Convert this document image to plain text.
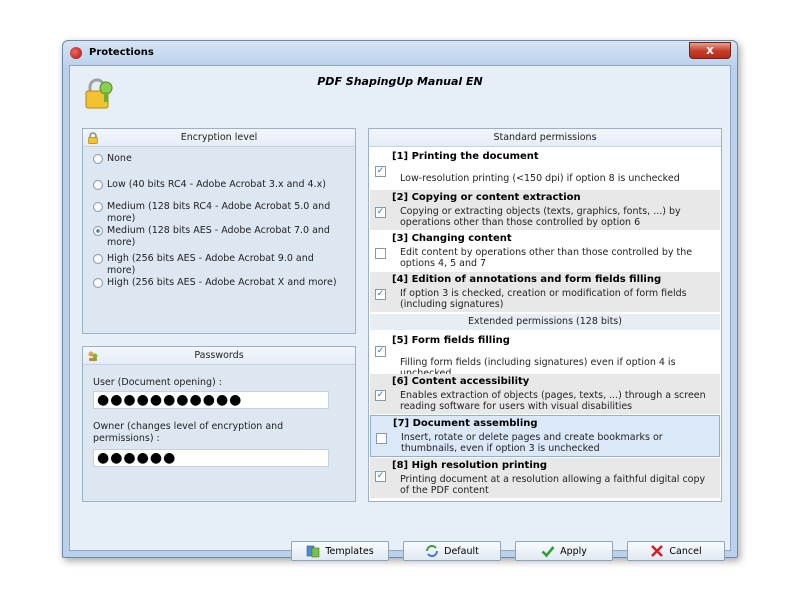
Protections	x
PDF ShapingUp Manual EN
Encryption level
None
Low (40 bits RC4 - Adobe Acrobat 3.x and 4.x)
Medium (128 bits RC4 - Adobe Acrobat 5.0 and more)
Medium (128 bits AES - Adobe Acrobat 7.0 and more)
High (256 bits AES - Adobe Acrobat 9.0 and more)
High (256 bits AES - Adobe Acrobat X and more)
Passwords
User (Document opening) :
●●●●●●●●●●●
Owner (changes level of encryption and permissions) :
●●●●●●
Standard permissions
✓
[1] Printing the document
Low-resolution printing (<150 dpi) if option 8 is unchecked
✓
[2] Copying or content extraction
Copying or extracting objects (texts, graphics, fonts, ...) by operations other than those controlled by option 6
[3] Changing content
Edit content by operations other than those controlled by the options 4, 5 and 7
✓
[4] Edition of annotations and form fields filling
If option 3 is checked, creation or modification of form fields (including signatures)
Extended permissions (128 bits)
✓
[5] Form fields filling
Filling form fields (including signatures) even if option 4 is
✓
[6] Content accessibility
Enables extraction of objects (pages, texts, ...) through a screen reading software for users with visual disabilities
[7] Document assembling
Insert, rotate or delete pages and create bookmarks or thumbnails, even if option 3 is unchecked
✓
[8] High resolution printing
Printing document at a resolution allowing a faithful digital copy of the PDF content
Templates	Default	Apply	Cancel
